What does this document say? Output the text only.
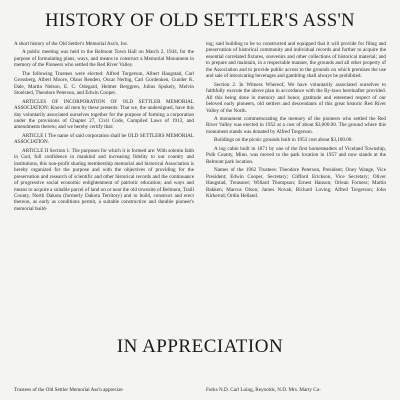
HISTORY OF OLD SETTLER'S ASS'N

A short history of the Old Settler's Memorial Ass'n, Inc.

A public meeting was held in the Belmont Town Hall on March 2, 1944, for the purpose of formulating plans, ways, and means to construct a Memorial Monument in memory of the Pioneers who settled the Red River Valley.

The following Trustees were elected: Alfred Torgerson, Albert Haugstad, Carl Grossberg, Albert Moore, Olaus Renden, Oscar Nerbig, Carl Gordenken, Gunder K. Dale, Martin Nelson, E. C. Odegard, Helmer Berggren, Julius Spokely, Melvin Stoelsted, Theodore Peterson, and Edwin Cooper.

ARTICLES OF INCORPORATION OF OLD SETTLER MEMORIAL ASSOCIATION: Know all men by these presents: That we, the undersigned, have this day voluntarily associated ourselves together for the purpose of forming a corporation under the provisions of Chapter 27, Civil Code, Compiled Laws of 1913, and amendments thereto; and we hereby certify that:

ARTICLE I The name of said corporation shall be OLD SETTLERS MEMORIAL ASSOCIATION.

ARTICLE II Section 1. The purposes for which it is formed are: With solemn faith in God, full confidence in mankind and increasing fidelity to our country and institutions, this non-profit sharing membership memorial and historical Association is hereby organized for the purpose and with the objectives of providing for the preservation and research of scientific and other historical records and the continuance of progressive social economic enlightenment of patriotic education; and ways and means to acquire a suitable parcel of land on or near the old townsite of Belmont, Traill County, North Dakota (formerly Dakota Territory) and to build, construct and erect thereon, as early as conditions permit, a suitable constructive and durable pioneer's memorial build-

ing; said building to be so constructed and equipped that it will provide for filing and preservation of historical community and individual records and further to acquire the essential correlated fixtures, souvenirs and other collections of historical material; and to prepare and maintain, in a respectable manner, the grounds and all other property of the Association and to provide public access to the grounds on which premises the use and sale of intoxicating beverages and gambling shall always be prohibited.

Section 2. In Witness Whereof, We have voluntarily associated ourselves to faithfully execute the above plan in accordance with the By-laws hereinafter provided. All this being done in memory and honor, gratitude and esteemed respect of our beloved early pioneers, old settlers and descendants of this great historic Red River Valley of the North.

A monument commemorating the memory of the pioneers who settled the Red River Valley was erected in 1952 at a cost of about $3,000.00. The ground where this monument stands was donated by Alfred Torgerson.

Buildings on the picnic grounds built in 1953 cost about $3,100.00.

A log cabin built in 1871 by one of the first homesteaders of Viceland Township, Polk County, Minn. was moved to the park location in 1957 and now stands at the Belmont park location.

Names of the 1962 Trustees: Theodore Peterson, President; Oney Wange, Vice President; Edwin Cooper, Secretary; Clifford Erickson, Vice Secretary; Oliver Haugstad, Treasurer; Willard Thompson; Ernest Hanson; Orlean Forness; Martin Bakken; Marcus Olson; James Novak; Richard Loving; Alfred Torgerson; John Kirkerud; Ordin Helland.

IN APPRECIATION
Trustees of the Old Settler Memorial Ass'n appreciat-	Forks N.D. Carl Loing, Reynolds, N.D. Mrs. Marty Ca-
